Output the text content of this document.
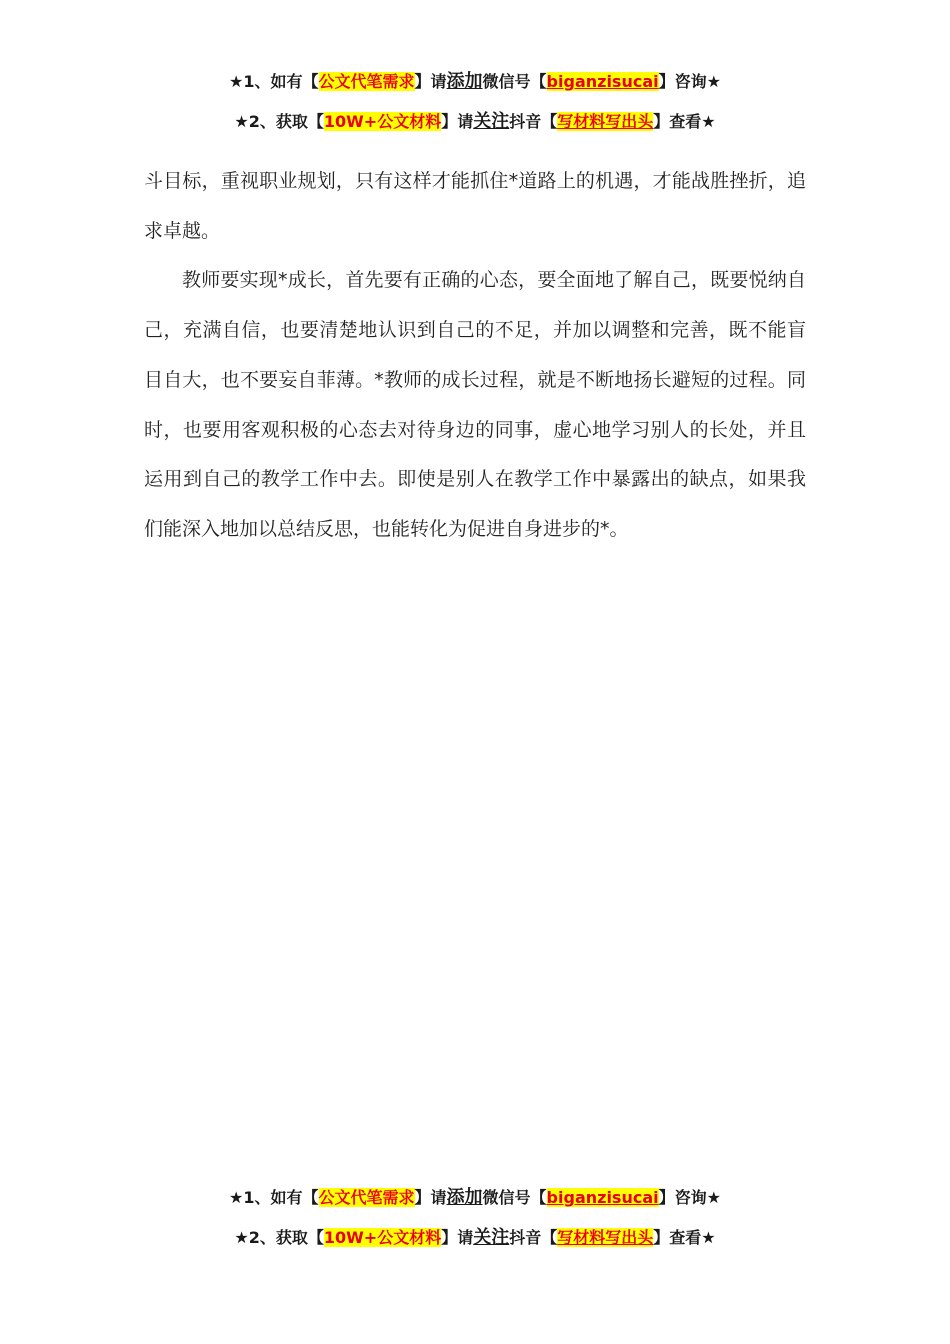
★1、如有【公文代笔需求】请添加微信号【biganzisucai】咨询★
★2、获取【10W+公文材料】请关注抖音【写材料写出头】查看★

斗目标，重视职业规划，只有这样才能抓住*道路上的机遇，才能战胜挫折，追求卓越。

教师要实现*成长，首先要有正确的心态，要全面地了解自己，既要悦纳自己，充满自信，也要清楚地认识到自己的不足，并加以调整和完善，既不能盲目自大，也不要妄自菲薄。*教师的成长过程，就是不断地扬长避短的过程。同时，也要用客观积极的心态去对待身边的同事，虚心地学习别人的长处，并且运用到自己的教学工作中去。即使是别人在教学工作中暴露出的缺点，如果我们能深入地加以总结反思，也能转化为促进自身进步的*。

★1、如有【公文代笔需求】请添加微信号【biganzisucai】咨询★
★2、获取【10W+公文材料】请关注抖音【写材料写出头】查看★
